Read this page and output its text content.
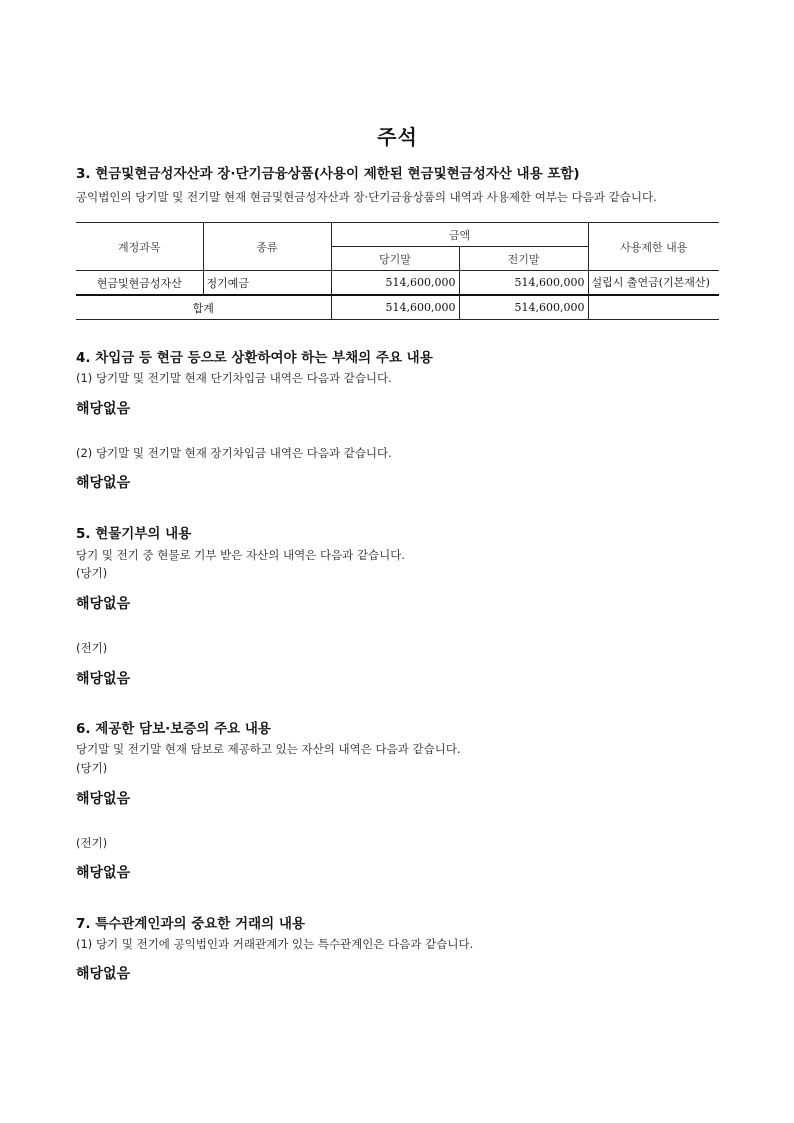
주석
3. 현금및현금성자산과 장·단기금융상품(사용이 제한된 현금및현금성자산 내용 포함)
공익법인의 당기말 및 전기말 현재 현금및현금성자산과 장·단기금융상품의 내역과 사용제한 여부는 다음과 같습니다.
계정과목	종류	금액		사용제한 내용
		당기말	전기말	
현금및현금성자산	정기예금	514,600,000	514,600,000	설립시 출연금(기본재산)
합계		514,600,000	514,600,000	
4. 차입금 등 현금 등으로 상환하여야 하는 부채의 주요 내용
(1) 당기말 및 전기말 현재 단기차입금 내역은 다음과 같습니다.
해당없음
(2) 당기말 및 전기말 현재 장기차입금 내역은 다음과 같습니다.
해당없음
5. 현물기부의 내용
당기 및 전기 중 현물로 기부 받은 자산의 내역은 다음과 같습니다.
(당기)
해당없음
(전기)
해당없음
6. 제공한 담보·보증의 주요 내용
당기말 및 전기말 현재 담보로 제공하고 있는 자산의 내역은 다음과 같습니다.
(당기)
해당없음
(전기)
해당없음
7. 특수관계인과의 중요한 거래의 내용
(1) 당기 및 전기에 공익법인과 거래관계가 있는 특수관계인은 다음과 같습니다.
해당없음
